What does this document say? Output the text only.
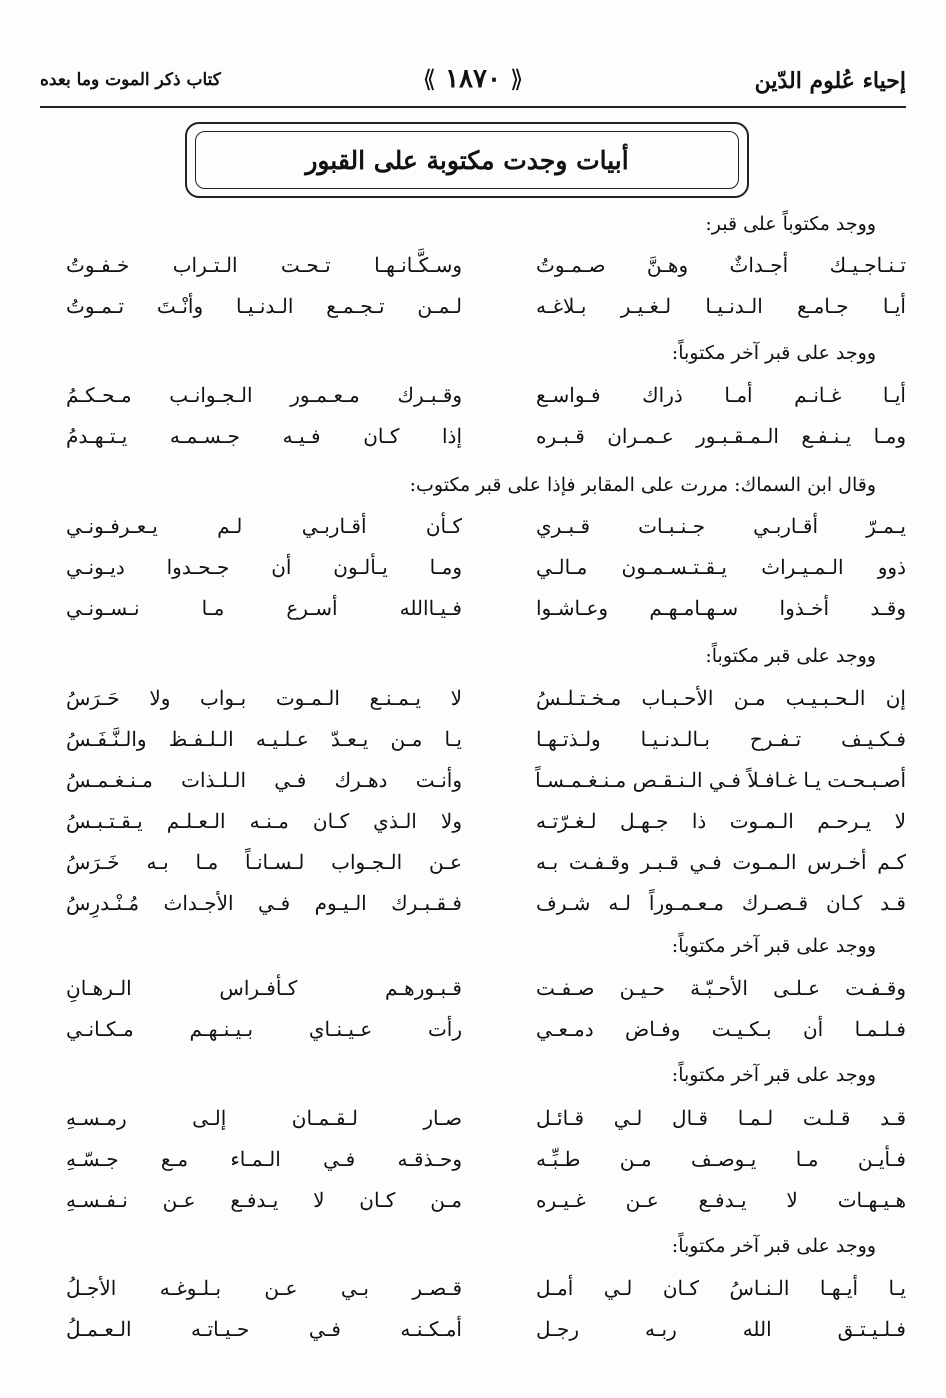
إحياء عُلوم الدّين
⟪ ١٨٧٠ ⟫
كتاب ذكر الموت وما بعده
أبيات وجدت مكتوبة على القبور
ووجد مكتوباً على قبر:
تـنـاجـيـك أجـداثٌ وهـنَّ صـمـوتُ
وسـكَّـانـهـا تـحـت الـتـراب خـفـوتُ
أيـا جـامـع الـدنـيـا لـغـيـر بـلاغـه
لـمـن تـجـمـع الـدنـيـا وأنْـتَ تـمـوتُ
ووجد على قبر آخر مكتوباً:
أيـا غـانـم أمـا ذراك فـواسـع
وقـبـرك مـعـمـور الـجـوانـب مـحـكـمُ
ومـا يـنـفـع الـمـقـبـور عـمـران قـبـره
إذا كـان فـيـه جـسـمـه يـتـهـدمُ
وقال ابن السماك: مررت على المقابر فإذا على قبر مكتوب:
يـمـرّ أقـاربـي جـنـبـات قـبـري
كـأن أقـاربـي لـم يـعـرفـونـي
ذوو الـمـيـراث يـقـتـسـمـون مـالـي
ومـا يـألـون أن جـحـدوا ديـونـي
وقـد أخـذوا سـهـامـهـم وعـاشـوا
فـيـاالله أسـرع مـا نـسـونـي
ووجد على قبر مكتوباً:
إن الـحـبـيـب مـن الأحـبـاب مـخـتـلـسُ
لا يـمـنـع الـمـوت بـواب ولا حَـرَسُ
فـكـيـف تـفـرح بـالـدنـيـا ولـذتـهـا
يـا مـن يـعـدّ عـلـيـه الـلـفـظ والـنَّـفَـسُ
أصـبـحـت يـا غـافـلاً فـي الـنـقـص مـنـغـمـسـاً
وأنـت دهـرك فـي الـلـذات مـنـغـمـسُ
لا يـرحـم الـمـوت ذا جـهـل لـغـرّتـه
ولا الـذي كـان مـنـه الـعـلـم يـقـتـبـسُ
كـم أخـرس الـمـوت فـي قـبـر وقـفـت بـه
عـن الـجـواب لـسـانـاً مـا بـه خَـرَسُ
قـد كـان قـصـرك مـعـمـوراً لـه شـرف
فـقـبـرك الـيـوم فـي الأجـداث مُـنْـدرِسُ
ووجد على قبر آخر مكتوباً:
وقـفـت عـلـى الأحـبّـة حـيـن صـفـت
قـبـورهـم كـأفـراس الـرهـانِ
فـلـمـا أن بـكـيـت وفـاض دمـعـي
رأت عـيـنـاي بـيـنـهـم مـكـانـي
ووجد على قبر آخر مكتوباً:
قـد قـلـت لـمـا قـال لـي قـائـل
صـار لـقـمـان إلـى رمـسـهِ
فـأيـن مـا يـوصـف مـن طـبِّـه
وحـذقـه فـي الـمـاء مـع جـسّـهِ
هـيـهـات لا يـدفـع عـن غـيـره
مـن كـان لا يـدفـع عـن نـفـسـهِ
ووجد على قبر آخر مكتوباً:
يـا أيـهـا الـنـاسُ كـان لـي أمـل
قـصـر بـي عـن بـلـوغـه الأجـلُ
فـلـيـتـق الله ربـه رجـل
أمـكـنـه فـي حـيـاتـه الـعـمـلُ
